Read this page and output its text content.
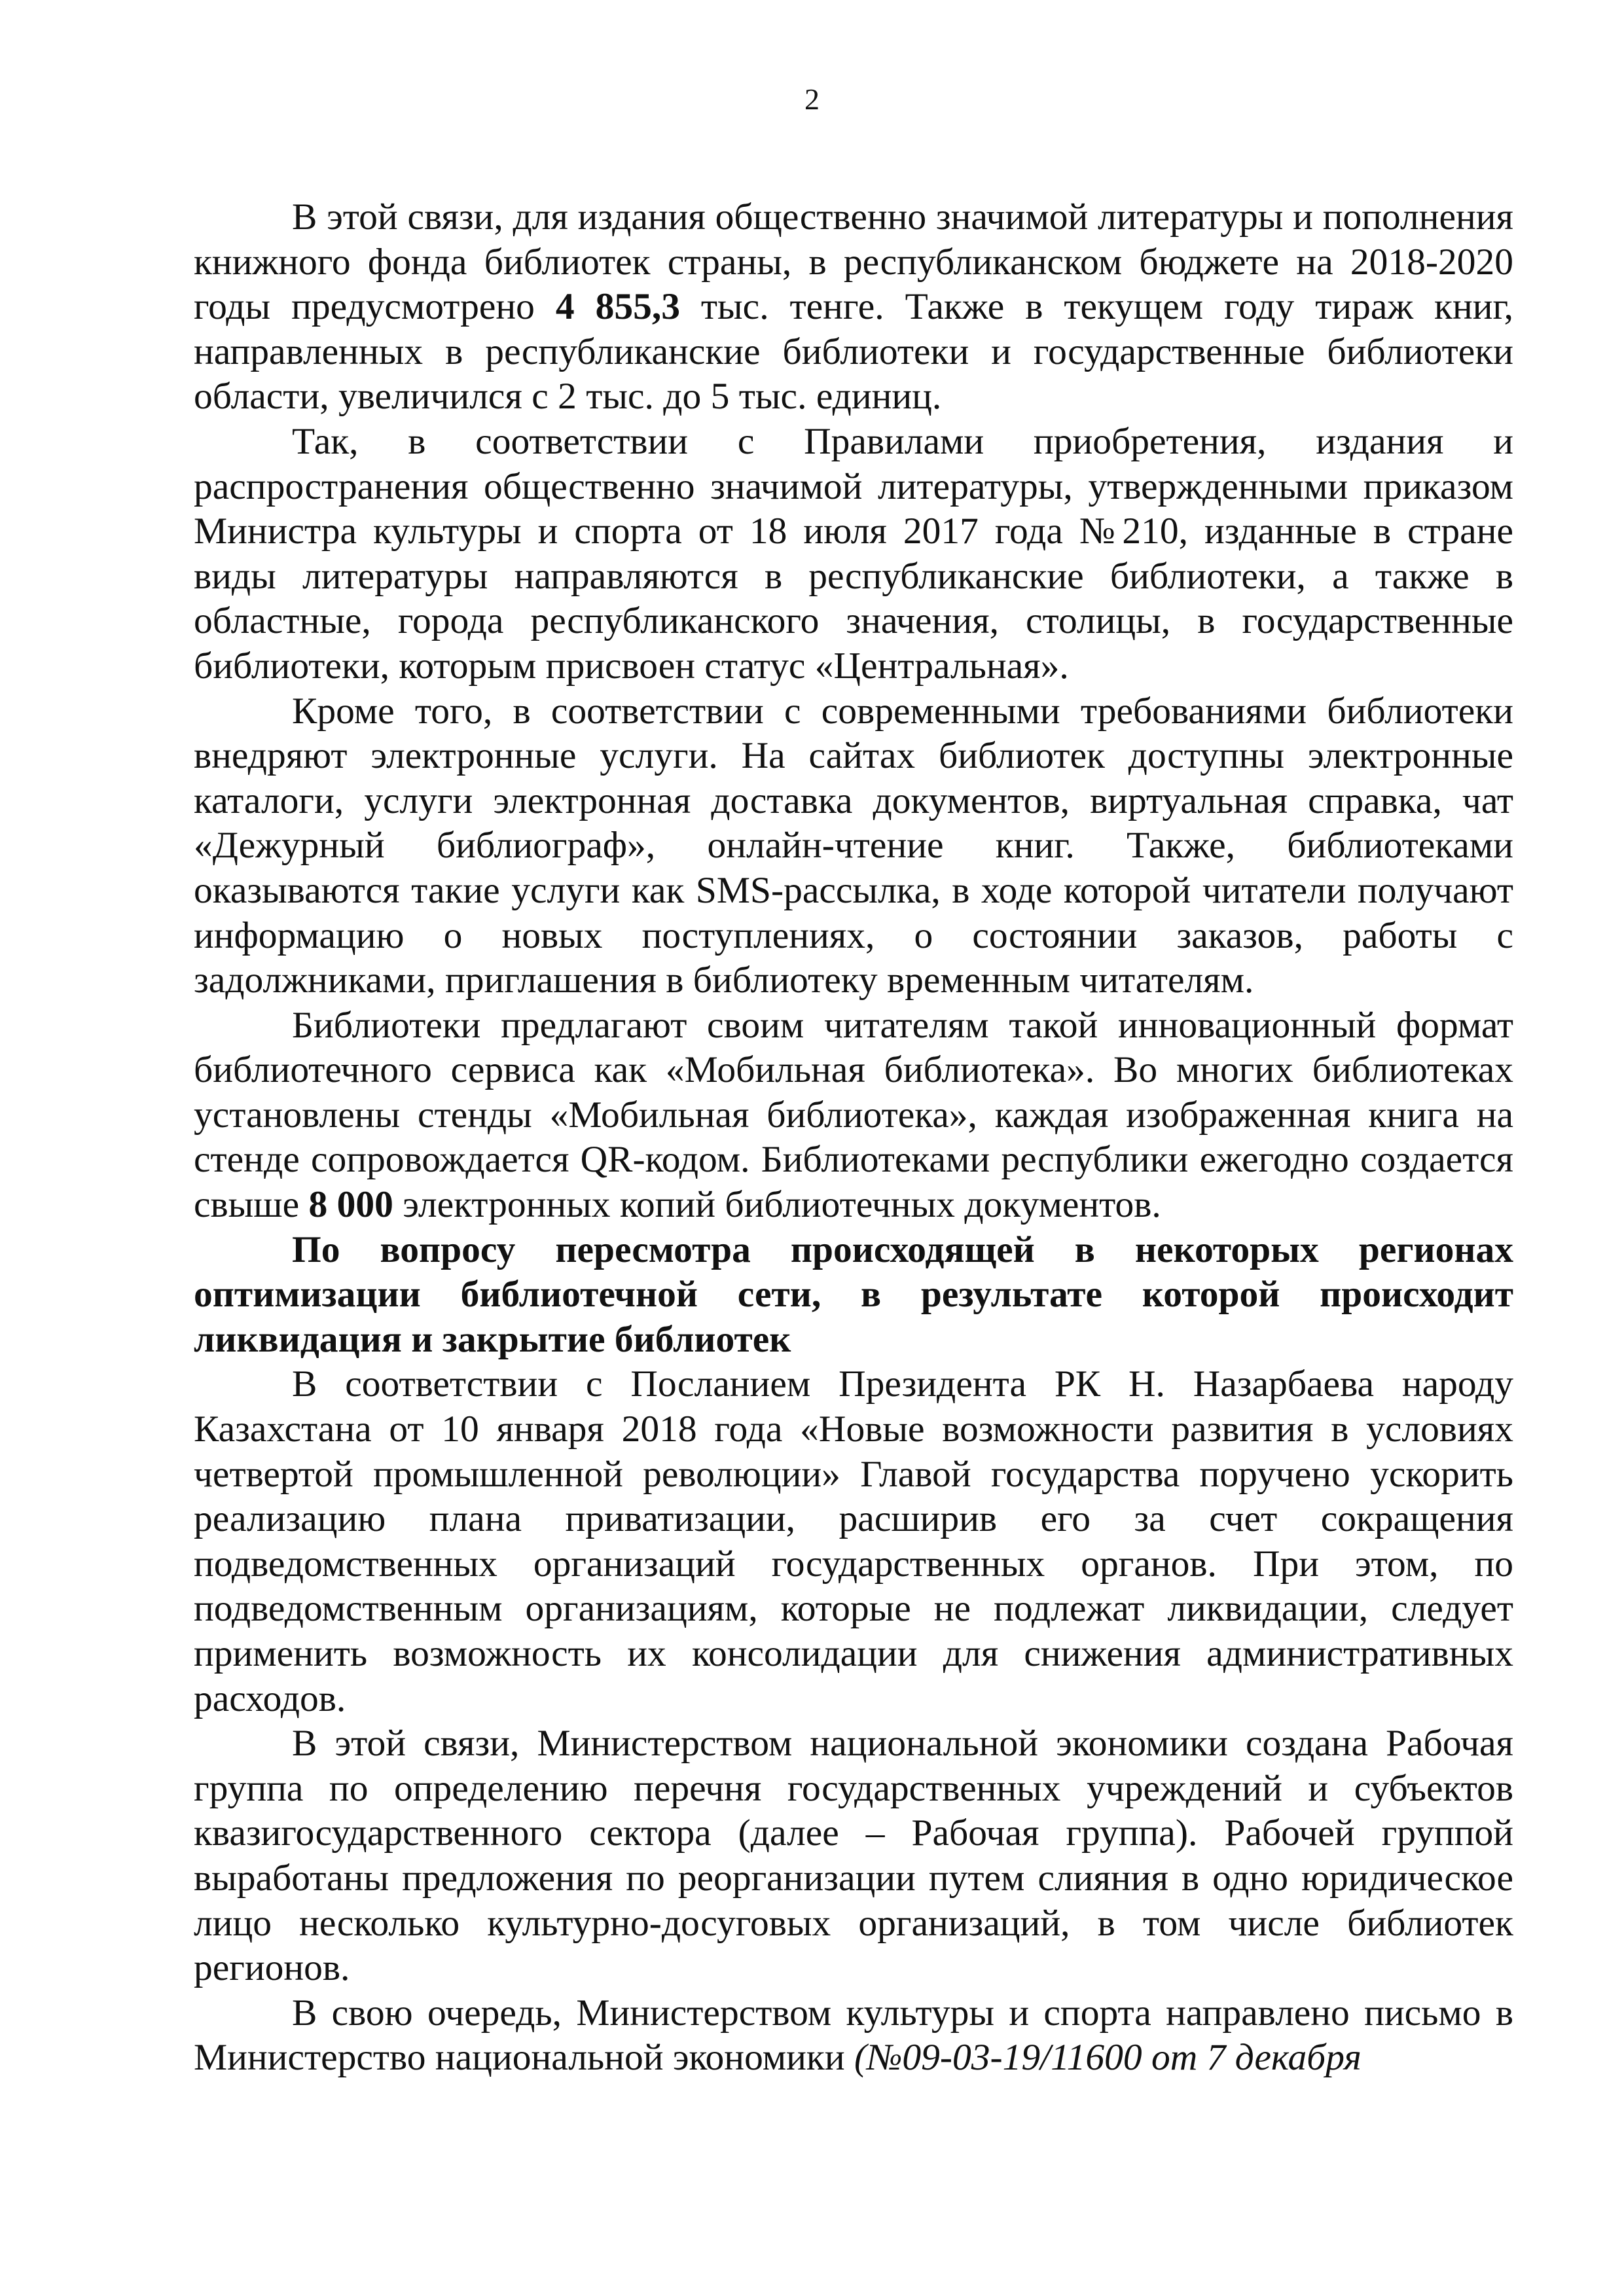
2

В этой связи, для издания общественно значимой литературы и пополнения книжного фонда библиотек страны, в республиканском бюджете на 2018-2020 годы предусмотрено 4 855,3 тыс. тенге. Также в текущем году тираж книг, направленных в республиканские библиотеки и государственные библиотеки области, увеличился с 2 тыс. до 5 тыс. единиц.

Так, в соответствии с Правилами приобретения, издания и распространения общественно значимой литературы, утвержденными приказом Министра культуры и спорта от 18 июля 2017 года №210, изданные в стране виды литературы направляются в республиканские библиотеки, а также в областные, города республиканского значения, столицы, в государственные библиотеки, которым присвоен статус «Центральная».

Кроме того, в соответствии с современными требованиями библиотеки внедряют электронные услуги. На сайтах библиотек доступны электронные каталоги, услуги электронная доставка документов, виртуальная справка, чат «Дежурный библиограф», онлайн-чтение книг. Также, библиотеками оказываются такие услуги как SMS-рассылка, в ходе которой читатели получают информацию о новых поступлениях, о состоянии заказов, работы с задолжниками, приглашения в библиотеку временным читателям.

Библиотеки предлагают своим читателям такой инновационный формат библиотечного сервиса как «Мобильная библиотека». Во многих библиотеках установлены стенды «Мобильная библиотека», каждая изображенная книга на стенде сопровождается QR-кодом. Библиотеками республики ежегодно создается свыше 8 000 электронных копий библиотечных документов.

По вопросу пересмотра происходящей в некоторых регионах оптимизации библиотечной сети, в результате которой происходит ликвидация и закрытие библиотек

В соответствии с Посланием Президента РК Н. Назарбаева народу Казахстана от 10 января 2018 года «Новые возможности развития в условиях четвертой промышленной революции» Главой государства поручено ускорить реализацию плана приватизации, расширив его за счет сокращения подведомственных организаций государственных органов. При этом, по подведомственным организациям, которые не подлежат ликвидации, следует применить возможность их консолидации для снижения административных расходов.

В этой связи, Министерством национальной экономики создана Рабочая группа по определению перечня государственных учреждений и субъектов квазигосударственного сектора (далее – Рабочая группа). Рабочей группой выработаны предложения по реорганизации путем слияния в одно юридическое лицо несколько культурно-досуговых организаций, в том числе библиотек регионов.

В свою очередь, Министерством культуры и спорта направлено письмо в Министерство национальной экономики (№09-03-19/11600 от 7 декабря
